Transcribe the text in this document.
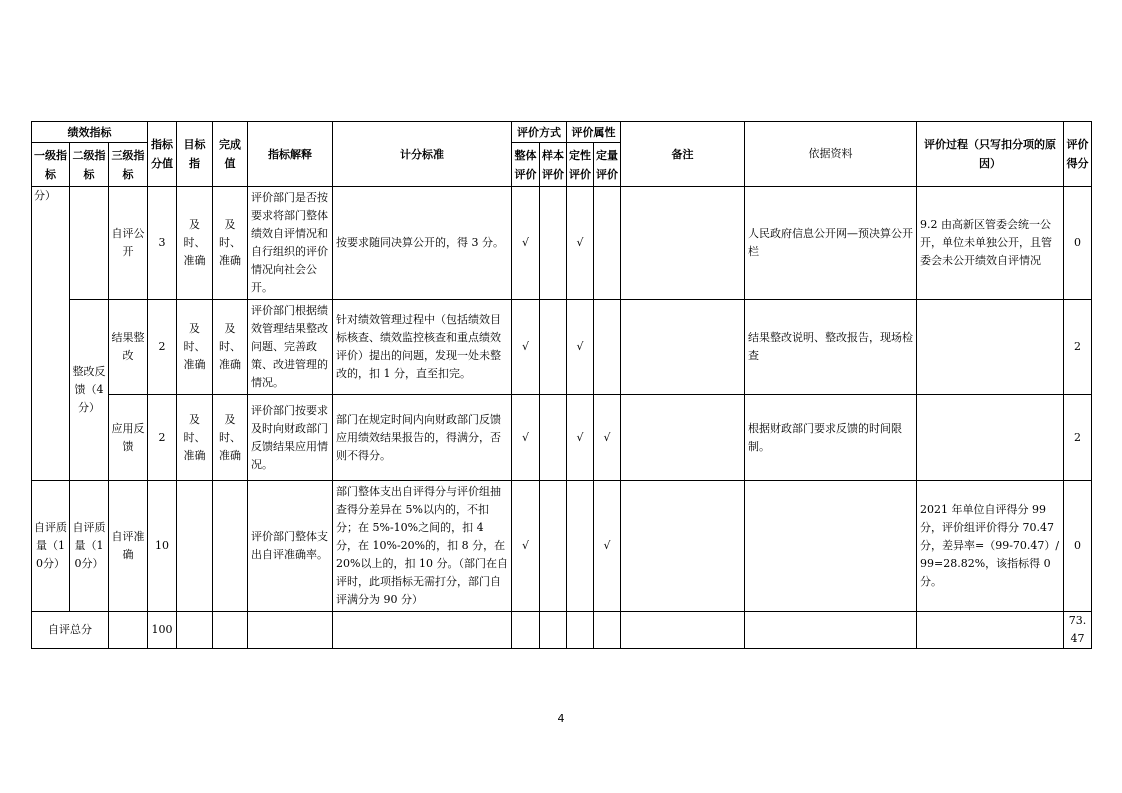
绩效指标			指标分值	目标指	完成值	指标解释	计分标准	评价方式		评价属性		备注	依据资料	评价过程（只写扣分项的原因）	评价得分
一级指标	二级指标	三级指标						整体评价	样本评价	定性评价	定量评价				

分）		自评公开	3	及时、准确	及时、准确	评价部门是否按要求将部门整体绩效自评情况和自行组织的评价情况向社会公开。	按要求随同决算公开的，得 3 分。	√		√			人民政府信息公开网—预决算公开栏	9.2 由高新区管委会统一公开，单位未单独公开，且管委会未公开绩效自评情况	0
	整改反馈（4分）	结果整改	2	及时、准确	及时、准确	评价部门根据绩效管理结果整改问题、完善政策、改进管理的情况。	针对绩效管理过程中（包括绩效目标核查、绩效监控核查和重点绩效评价）提出的问题，发现一处未整改的，扣 1 分，直至扣完。	√		√			结果整改说明、整改报告，现场检查		2
		应用反馈	2	及时、准确	及时、准确	评价部门按要求及时向财政部门反馈结果应用情况。	部门在规定时间内向财政部门反馈应用绩效结果报告的，得满分，否则不得分。	√		√	√		根据财政部门要求反馈的时间限制。		2
自评质量（10分）	自评质量（10分）	自评准确	10			评价部门整体支出自评准确率。	部门整体支出自评得分与评价组抽查得分差异在 5%以内的，不扣分；在 5%-10%之间的，扣 4 分，在 10%-20%的，扣 8 分，在 20%以上的，扣 10 分。（部门在自评时，此项指标无需打分，部门自评满分为 90 分）	√			√			2021 年单位自评得分 99 分，评价组评价得分 70.47 分，差异率=（99-70.47）/99=28.82%，该指标得 0 分。	0
自评总分			100												73.47
4
